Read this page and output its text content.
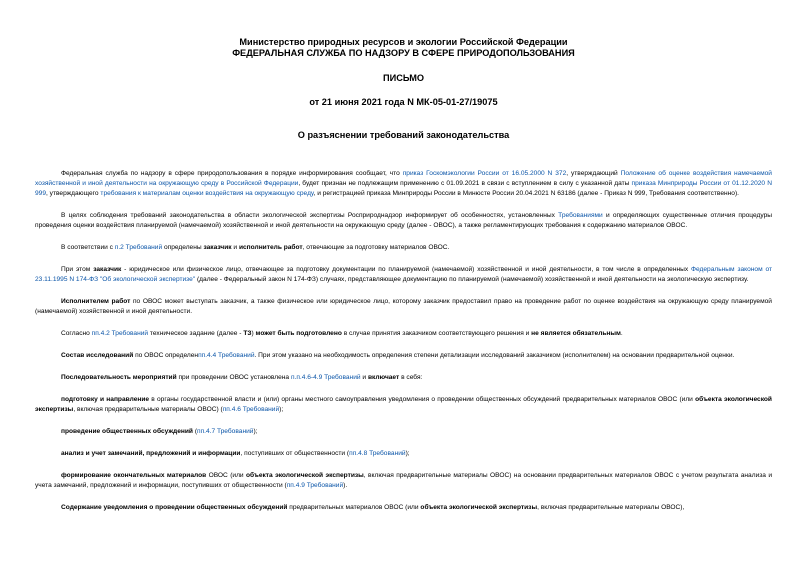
Министерство природных ресурсов и экологии Российской Федерации
ФЕДЕРАЛЬНАЯ СЛУЖБА ПО НАДЗОРУ В СФЕРЕ ПРИРОДОПОЛЬЗОВАНИЯ
ПИСЬМО
от 21 июня 2021 года N МК-05-01-27/19075
О разъяснении требований законодательства

Федеральная служба по надзору в сфере природопользования в порядке информирования сообщает, что приказ Госкомэкологии России от 16.05.2000 N 372, утверждающий Положение об оценке воздействия намечаемой хозяйственной и иной деятельности на окружающую среду в Российской Федерации, будет признан не подлежащим применению с 01.09.2021 в связи с вступлением в силу с указанной даты приказа Минприроды России от 01.12.2020 N 999, утверждающего требования к материалам оценки воздействия на окружающую среду, и регистрацией приказа Минприроды России в Минюсте России 20.04.2021 N 63186 (далее - Приказ N 999, Требования соответственно).

В целях соблюдения требований законодательства в области экологической экспертизы Росприроднадзор информирует об особенностях, установленных Требованиями и определяющих существенные отличия процедуры проведения оценки воздействия планируемой (намечаемой) хозяйственной и иной деятельности на окружающую среду (далее - ОВОС), а также регламентирующих требования к содержанию материалов ОВОС.

В соответствии с п.2 Требований определены заказчик и исполнитель работ, отвечающие за подготовку материалов ОВОС.

При этом заказчик - юридическое или физическое лицо, отвечающее за подготовку документации по планируемой (намечаемой) хозяйственной и иной деятельности, в том числе в определенных Федеральным законом от 23.11.1995 N 174-ФЗ "Об экологической экспертизе" (далее - Федеральный закон N 174-ФЗ) случаях, представляющее документацию по планируемой (намечаемой) хозяйственной и иной деятельности на экологическую экспертизу.

Исполнителем работ по ОВОС может выступать заказчик, а также физическое или юридическое лицо, которому заказчик предоставил право на проведение работ по оценке воздействия на окружающую среду планируемой (намечаемой) хозяйственной и иной деятельности.

Согласно пп.4.2 Требований техническое задание (далее - ТЗ) может быть подготовлено в случае принятия заказчиком соответствующего решения и не является обязательным.

Состав исследований по ОВОС определенпп.4.4 Требований. При этом указано на необходимость определения степени детализации исследований заказчиком (исполнителем) на основании предварительной оценки.

Последовательность мероприятий при проведении ОВОС установлена п.п.4.6-4.9 Требований и включает в себя:

подготовку и направление в органы государственной власти и (или) органы местного самоуправления уведомления о проведении общественных обсуждений предварительных материалов ОВОС (или объекта экологической экспертизы, включая предварительные материалы ОВОС) (пп.4.6 Требований);

проведение общественных обсуждений (пп.4.7 Требований);

анализ и учет замечаний, предложений и информации, поступивших от общественности (пп.4.8 Требований);

формирование окончательных материалов ОВОС (или объекта экологической экспертизы, включая предварительные материалы ОВОС) на основании предварительных материалов ОВОС с учетом результата анализа и учета замечаний, предложений и информации, поступивших от общественности (пп.4.9 Требований).

Содержание уведомления о проведении общественных обсуждений предварительных материалов ОВОС (или объекта экологической экспертизы, включая предварительные материалы ОВОС),
